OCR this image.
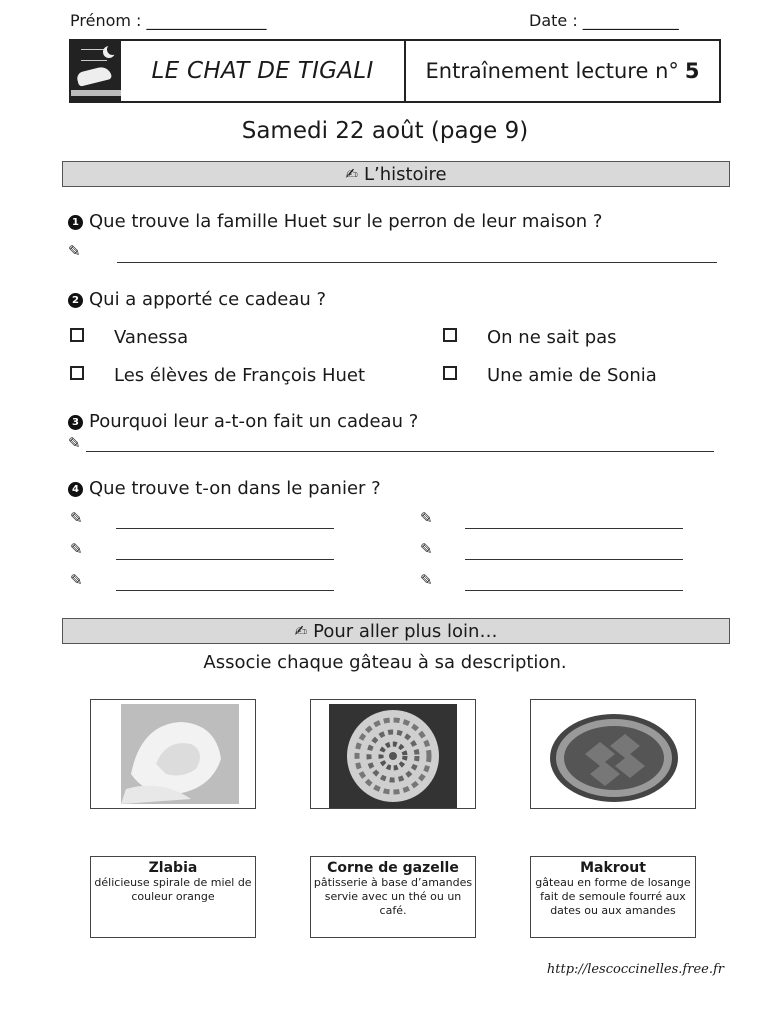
Prénom : _______________	Date : ____________
LE CHAT DE TIGALI	Entraînement lecture n° 5
Samedi 22 août (page 9)
✍ L’histoire
1 Que trouve la famille Huet sur le perron de leur maison ?
✎
2 Qui a apporté ce cadeau ?
Vanessa	On ne sait pas
Les élèves de François Huet	Une amie de Sonia
3 Pourquoi leur a-t-on fait un cadeau ?
✎
4 Que trouve t-on dans le panier ?
✎	✎
✎	✎
✎	✎
✍ Pour aller plus loin…
Associe chaque gâteau à sa description.
Zlabia
délicieuse spirale de miel de couleur orange
Corne de gazelle
pâtisserie à base d’amandes servie avec un thé ou un café.
Makrout
gâteau en forme de losange fait de semoule fourré aux dates ou aux amandes
http://lescoccinelles.free.fr
